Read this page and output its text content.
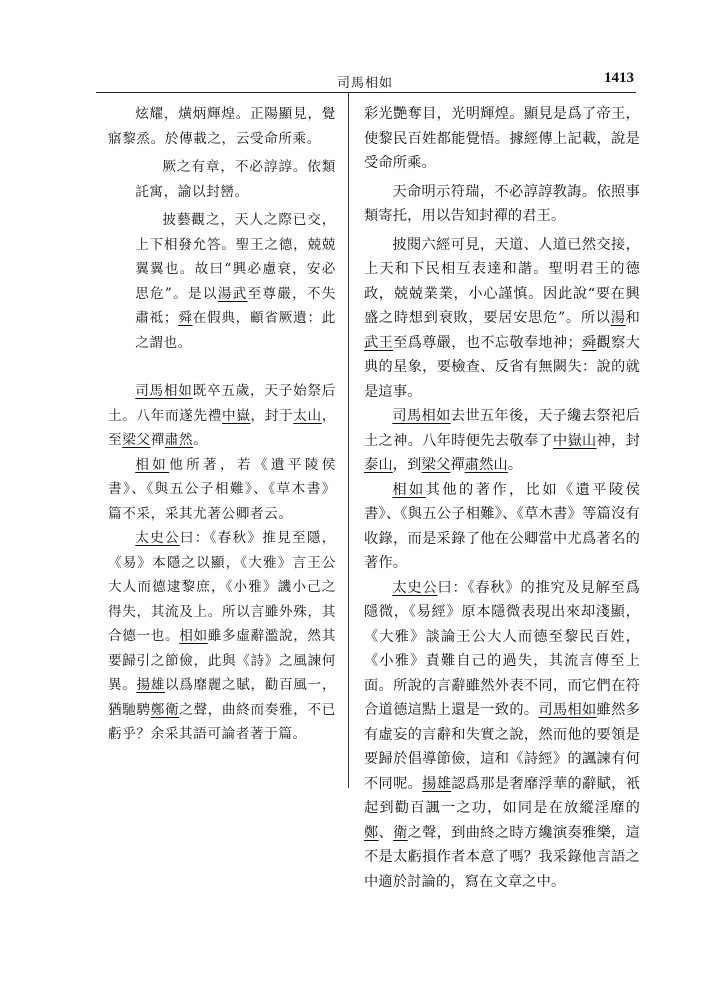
司馬相如	1413

炫耀，熿炳輝煌。正陽顯見，覺寤黎烝。於傳載之，云受命所乘。

厥之有章，不必諄諄。依類託寓，諭以封巒。

披藝觀之，天人之際已交，上下相發允答。聖王之德，兢兢翼翼也。故曰“興必慮衰，安必思危”。是以湯武至尊嚴，不失肅祗；舜在假典，顧省厥遺：此之謂也。

司馬相如既卒五歲，天子始祭后土。八年而遂先禮中嶽，封于太山，至梁父禪肅然。

相如他所著，若《遺平陵侯書》、《與五公子相難》、《草木書》篇不采，采其尤著公卿者云。

太史公曰：《春秋》推見至隱，《易》本隱之以顯，《大雅》言王公大人而德逮黎庶，《小雅》譏小己之得失，其流及上。所以言雖外殊，其合德一也。相如雖多虛辭濫說，然其要歸引之節儉，此與《詩》之風諫何異。揚雄以爲靡麗之賦，勸百風一，猶馳騁鄭衛之聲，曲終而奏雅，不已虧乎？余采其語可論者著于篇。

彩光艷奪目，光明輝煌。顯見是爲了帝王，使黎民百姓都能覺悟。據經傳上記載，說是受命所乘。

天命明示符瑞，不必諄諄教誨。依照事類寄托，用以告知封禪的君王。

披閱六經可見，天道、人道已然交接，上天和下民相互表達和諧。聖明君王的德政，兢兢業業，小心謹慎。因此說“要在興盛之時想到衰敗，要居安思危”。所以湯和武王至爲尊嚴，也不忘敬奉地神；舜觀察大典的星象，要檢查、反省有無闕失：說的就是這事。

司馬相如去世五年後，天子纔去祭祀后土之神。八年時便先去敬奉了中嶽山神，封泰山，到梁父禪肅然山。

相如其他的著作，比如《遺平陵侯書》、《與五公子相難》、《草木書》等篇沒有收錄，而是采錄了他在公卿當中尤爲著名的著作。

太史公曰：《春秋》的推究及見解至爲隱微，《易經》原本隱微表現出來却淺顯，《大雅》談論王公大人而德至黎民百姓，《小雅》責難自己的過失，其流言傳至上面。所說的言辭雖然外表不同，而它們在符合道德這點上還是一致的。司馬相如雖然多有虛妄的言辭和失實之說，然而他的要領是要歸於倡導節儉，這和《詩經》的諷諫有何不同呢。揚雄認爲那是奢靡浮華的辭賦，衹起到勸百諷一之功，如同是在放縱淫靡的鄭、衛之聲，到曲終之時方纔演奏雅樂，這不是太虧損作者本意了嗎？我采錄他言語之中適於討論的，寫在文章之中。
